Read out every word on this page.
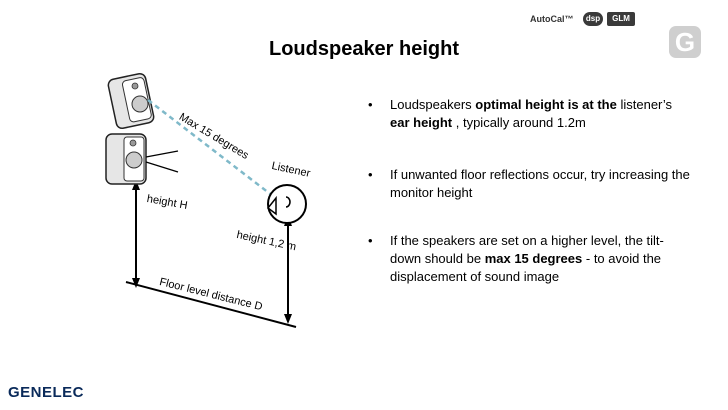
AutoCal™	dsp	GLM
G
Loudspeaker height
Max 15 degrees
Listener
height H
height 1,2 m
Floor level distance D
• Loudspeakers optimal height is at the listener’s ear height , typically around 1.2m
• If unwanted floor reflections occur, try increasing the monitor height
• If the speakers are set on a higher level, the tilt-down should be max 15 degrees - to avoid the displacement of sound image
GENELEC
